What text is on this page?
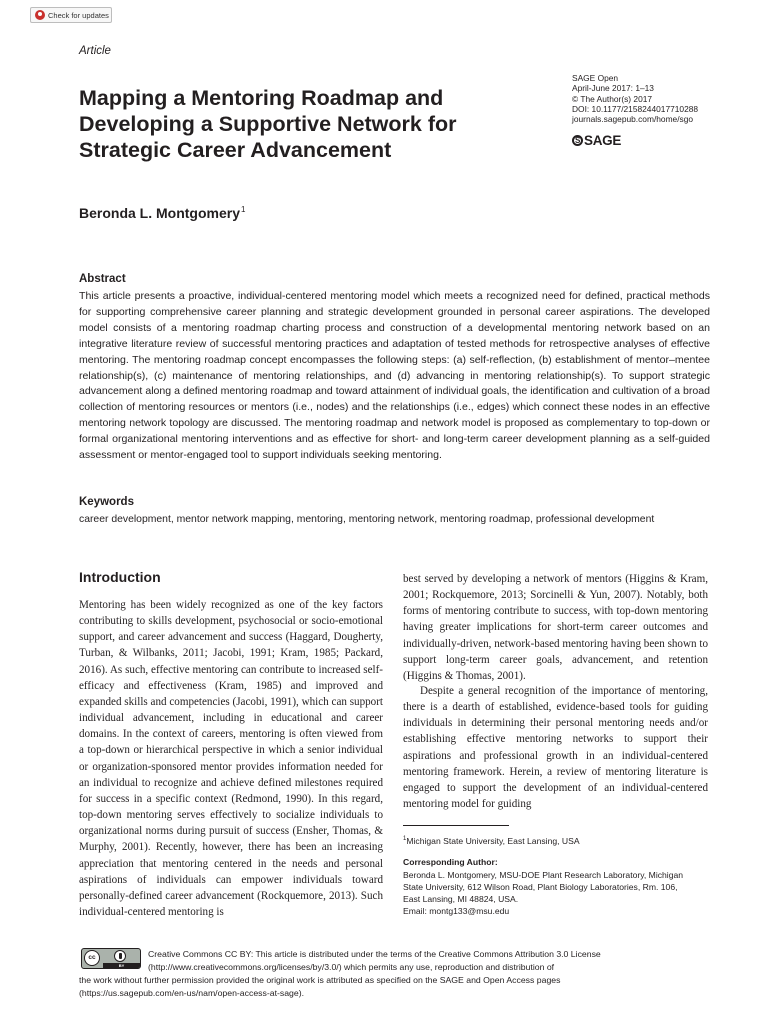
Check for updates
Article
SAGE Open
April-June 2017: 1–13
© The Author(s) 2017
DOI: 10.1177/2158244017710288
journals.sagepub.com/home/sgo
S SAGE
Mapping a Mentoring Roadmap and Developing a Supportive Network for Strategic Career Advancement
Beronda L. Montgomery$^1$
Abstract

This article presents a proactive, individual-centered mentoring model which meets a recognized need for defined, practical methods for supporting comprehensive career planning and strategic development grounded in personal career aspirations. The developed model consists of a mentoring roadmap charting process and construction of a developmental mentoring network based on an integrative literature review of successful mentoring practices and adaptation of tested methods for retrospective analyses of effective mentoring. The mentoring roadmap concept encompasses the following steps: (a) self-reflection, (b) establishment of mentor–mentee relationship(s), (c) maintenance of mentoring relationships, and (d) advancing in mentoring relationship(s). To support strategic advancement along a defined mentoring roadmap and toward attainment of individual goals, the identification and cultivation of a broad collection of mentoring resources or mentors (i.e., nodes) and the relationships (i.e., edges) which connect these nodes in an effective mentoring network topology are discussed. The mentoring roadmap and network model is proposed as complementary to top-down or formal organizational mentoring interventions and as effective for short- and long-term career development planning as a self-guided assessment or mentor-engaged tool to support individuals seeking mentoring.

Keywords

career development, mentor network mapping, mentoring, mentoring network, mentoring roadmap, professional development

Introduction

Mentoring has been widely recognized as one of the key factors contributing to skills development, psychosocial or socio-emotional support, and career advancement and success (Haggard, Dougherty, Turban, & Wilbanks, 2011; Jacobi, 1991; Kram, 1985; Packard, 2016). As such, effective mentoring can contribute to increased self-efficacy and effectiveness (Kram, 1985) and improved and expanded skills and competencies (Jacobi, 1991), which can support individual advancement, including in educational and career domains. In the context of careers, mentoring is often viewed from a top-down or hierarchical perspective in which a senior individual or organization-sponsored mentor provides information needed for an individual to recognize and achieve defined milestones required for success in a specific context (Redmond, 1990). In this regard, top-down mentoring serves effectively to socialize individuals to organizational norms during pursuit of success (Ensher, Thomas, & Murphy, 2001). Recently, however, there has been an increasing appreciation that mentoring centered in the needs and personal aspirations of individuals can empower individuals toward personally-defined career advancement (Rockquemore, 2013). Such individual-centered mentoring is

best served by developing a network of mentors (Higgins & Kram, 2001; Rockquemore, 2013; Sorcinelli & Yun, 2007). Notably, both forms of mentoring contribute to success, with top-down mentoring having greater implications for short-term career outcomes and individually-driven, network-based mentoring having been shown to support long-term career goals, advancement, and retention (Higgins & Thomas, 2001).

Despite a general recognition of the importance of mentoring, there is a dearth of established, evidence-based tools for guiding individuals in determining their personal mentoring needs and/or establishing effective mentoring networks to support their aspirations and professional growth in an individual-centered mentoring framework. Herein, a review of mentoring literature is engaged to support the development of an individual-centered mentoring model for guiding

$^1$Michigan State University, East Lansing, USA
Corresponding Author:
Beronda L. Montgomery, MSU-DOE Plant Research Laboratory, Michigan
State University, 612 Wilson Road, Plant Biology Laboratories, Rm. 106,
East Lansing, MI 48824, USA.
Email: montg133@msu.edu
cc
BY
Creative Commons CC BY: This article is distributed under the terms of the Creative Commons Attribution 3.0 License
(http://www.creativecommons.org/licenses/by/3.0/) which permits any use, reproduction and distribution of
the work without further permission provided the original work is attributed as specified on the SAGE and Open Access pages
(https://us.sagepub.com/en-us/nam/open-access-at-sage).
